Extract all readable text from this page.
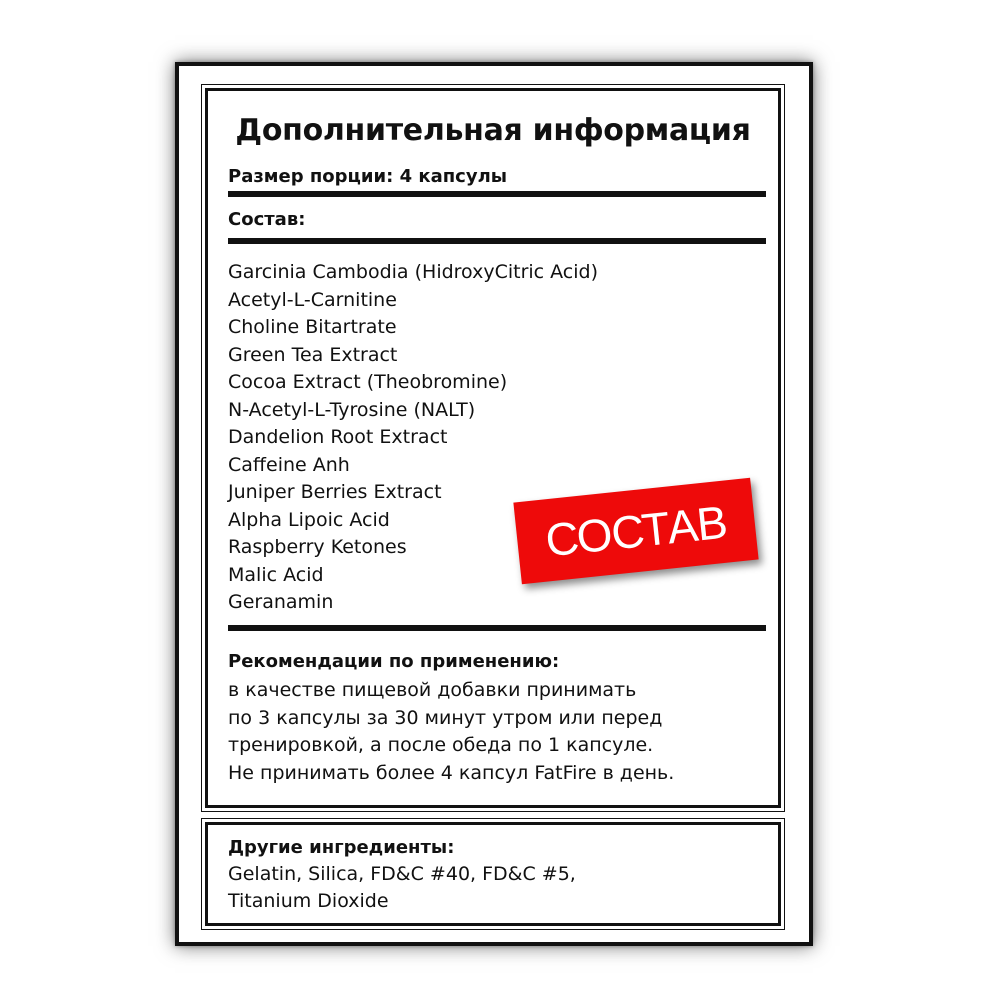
Дополнительная информация
Размер порции: 4 капсулы
Состав:
Garcinia Cambodia (HidroxyCitric Acid)
Acetyl-L-Carnitine
Choline Bitartrate
Green Tea Extract
Cocoa Extract (Theobromine)
N-Acetyl-L-Tyrosine (NALT)
Dandelion Root Extract
Caffeine Anh
Juniper Berries Extract
Alpha Lipoic Acid
Raspberry Ketones
Malic Acid
Geranamin
Рекомендации по применению:
в качестве пищевой добавки принимать
по 3 капсулы за 30 минут утром или перед
тренировкой, а после обеда по 1 капсуле.
Не принимать более 4 капсул FatFire в день.
Другие ингредиенты:
Gelatin, Silica, FD&C #40, FD&C #5,
Titanium Dioxide
СОСТАВ
